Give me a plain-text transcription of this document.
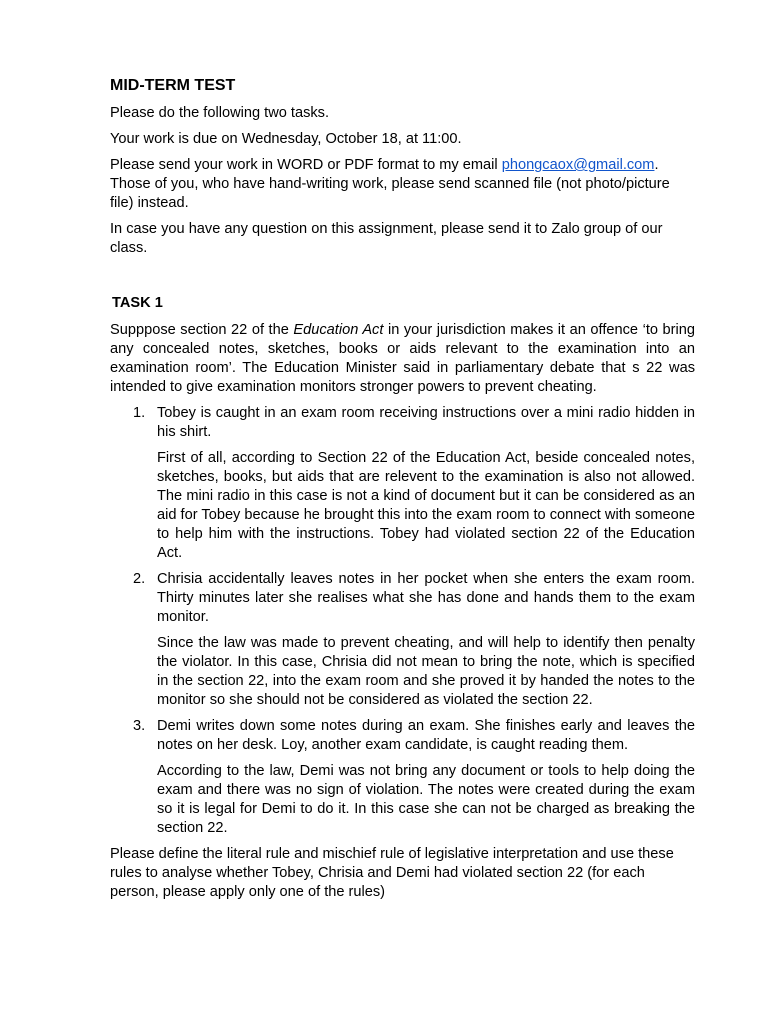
MID-TERM TEST

Please do the following two tasks.

Your work is due on Wednesday, October 18, at 11:00.

Please send your work in WORD or PDF format to my email phongcaox@gmail.com. Those of you, who have hand-writing work, please send scanned file (not photo/picture file) instead.

In case you have any question on this assignment, please send it to Zalo group of our class.

TASK 1

Supppose section 22 of the Education Act in your jurisdiction makes it an offence ‘to bring any concealed notes, sketches, books or aids relevant to the examination into an examination room’. The Education Minister said in parliamentary debate that s 22 was intended to give examination monitors stronger powers to prevent cheating.

1. Tobey is caught in an exam room receiving instructions over a mini radio hidden in his shirt.

First of all, according to Section 22 of the Education Act, beside concealed notes, sketches, books, but aids that are relevent to the examination is also not allowed. The mini radio in this case is not a kind of document but it can be considered as an aid for Tobey because he brought this into the exam room to connect with someone to help him with the instructions. Tobey had violated section 22 of the Education Act.

2. Chrisia accidentally leaves notes in her pocket when she enters the exam room. Thirty minutes later she realises what she has done and hands them to the exam monitor.

Since the law was made to prevent cheating, and will help to identify then penalty the violator. In this case, Chrisia did not mean to bring the note, which is specified in the section 22, into the exam room and she proved it by handed the notes to the monitor so she should not be considered as violated the section 22.

3. Demi writes down some notes during an exam. She finishes early and leaves the notes on her desk. Loy, another exam candidate, is caught reading them.

According to the law, Demi was not bring any document or tools to help doing the exam and there was no sign of violation. The notes were created during the exam so it is legal for Demi to do it. In this case she can not be charged as breaking the section 22.

Please define the literal rule and mischief rule of legislative interpretation and use these rules to analyse whether Tobey, Chrisia and Demi had violated section 22 (for each person, please apply only one of the rules)
